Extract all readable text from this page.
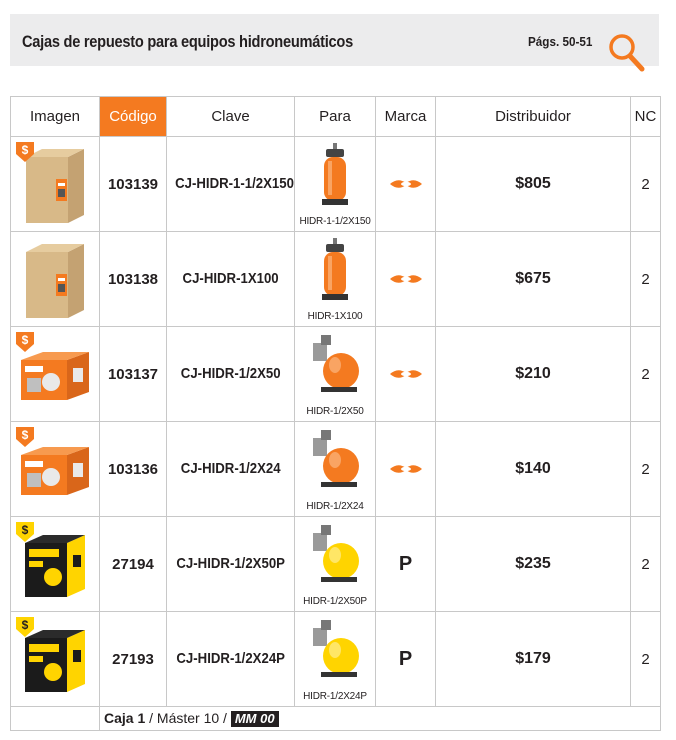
Cajas de repuesto para equipos hidroneumáticos	Págs. 50-51
Imagen	Código	Clave	Para	Marca	Distribuidor	NC

$	103139	CJ-HIDR-1-1/2X150	HIDR-1-1/2X150		$805	2

	103138	CJ-HIDR-1X100	HIDR-1X100		$675	2

$	103137	CJ-HIDR-1/2X50	HIDR-1/2X50		$210	2

$	103136	CJ-HIDR-1/2X24	HIDR-1/2X24		$140	2

$	27194	CJ-HIDR-1/2X50P	HIDR-1/2X50P	P	$235	2

$	27193	CJ-HIDR-1/2X24P	HIDR-1/2X24P	P	$179	2
	Caja 1 / Máster 10 / MM 00					
